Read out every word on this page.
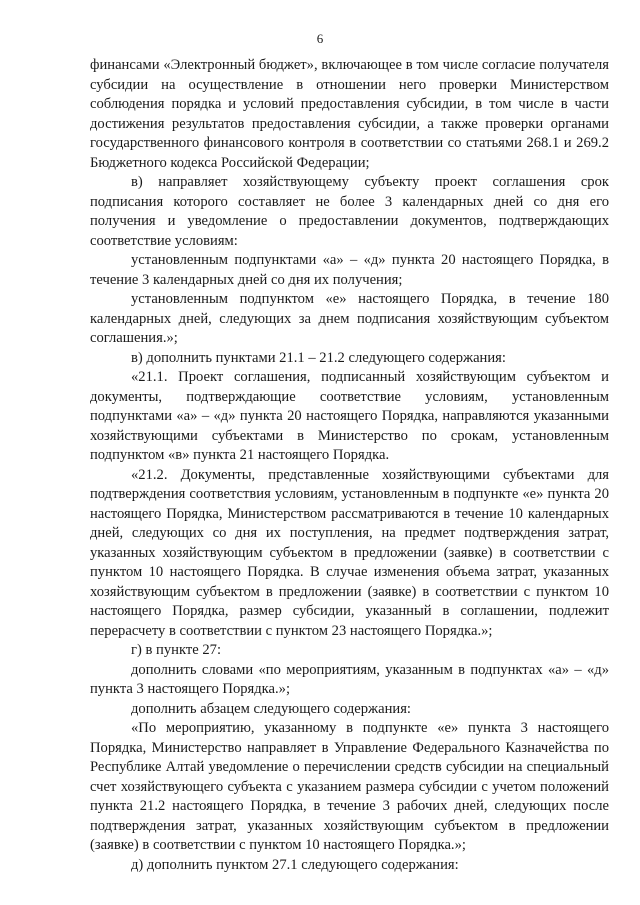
6

финансами «Электронный бюджет», включающее в том числе согласие получателя субсидии на осуществление в отношении него проверки Министерством соблюдения порядка и условий предоставления субсидии, в том числе в части достижения результатов предоставления субсидии, а также проверки органами государственного финансового контроля в соответствии со статьями 268.1 и 269.2 Бюджетного кодекса Российской Федерации;

в) направляет хозяйствующему субъекту проект соглашения срок подписания которого составляет не более 3 календарных дней со дня его получения и уведомление о предоставлении документов, подтверждающих соответствие условиям:

установленным подпунктами «а» – «д» пункта 20 настоящего Порядка, в течение 3 календарных дней со дня их получения;

установленным подпунктом «е» настоящего Порядка, в течение 180 календарных дней, следующих за днем подписания хозяйствующим субъектом соглашения.»;

в) дополнить пунктами 21.1 – 21.2 следующего содержания:

«21.1. Проект соглашения, подписанный хозяйствующим субъектом и документы, подтверждающие соответствие условиям, установленным подпунктами «а» – «д» пункта 20 настоящего Порядка, направляются указанными хозяйствующими субъектами в Министерство по срокам, установленным подпунктом «в» пункта 21 настоящего Порядка.

«21.2. Документы, представленные хозяйствующими субъектами для подтверждения соответствия условиям, установленным в подпункте «е» пункта 20 настоящего Порядка, Министерством рассматриваются в течение 10 календарных дней, следующих со дня их поступления, на предмет подтверждения затрат, указанных хозяйствующим субъектом в предложении (заявке) в соответствии с пунктом 10 настоящего Порядка. В случае изменения объема затрат, указанных хозяйствующим субъектом в предложении (заявке) в соответствии с пунктом 10 настоящего Порядка, размер субсидии, указанный в соглашении, подлежит перерасчету в соответствии с пунктом 23 настоящего Порядка.»;

г) в пункте 27:

дополнить словами «по мероприятиям, указанным в подпунктах «а» – «д» пункта 3 настоящего Порядка.»;

дополнить абзацем следующего содержания:

«По мероприятию, указанному в подпункте «е» пункта 3 настоящего Порядка, Министерство направляет в Управление Федерального Казначейства по Республике Алтай уведомление о перечислении средств субсидии на специальный счет хозяйствующего субъекта с указанием размера субсидии с учетом положений пункта 21.2 настоящего Порядка, в течение 3 рабочих дней, следующих после подтверждения затрат, указанных хозяйствующим субъектом в предложении (заявке) в соответствии с пунктом 10 настоящего Порядка.»;

д) дополнить пунктом 27.1 следующего содержания:
